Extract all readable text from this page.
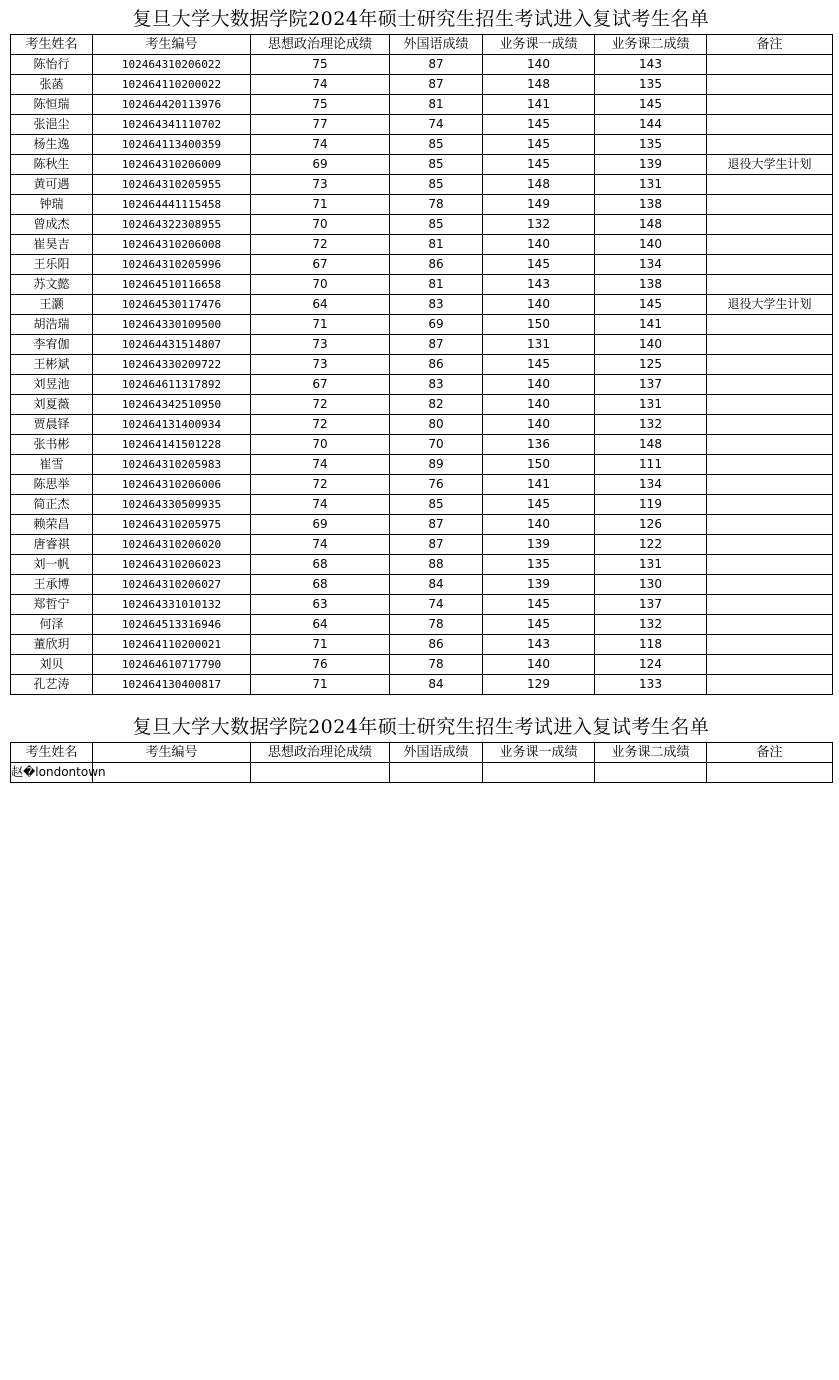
复旦大学大数据学院2024年硕士研究生招生考试进入复试考生名单
考生姓名	考生编号	思想政治理论成绩	外国语成绩	业务课一成绩	业务课二成绩	备注
陈怡行	102464310206022	75	87	140	143	
张菡	102464110200022	74	87	148	135	
陈恒瑞	102464420113976	75	81	141	145	
张浥尘	102464341110702	77	74	145	144	
杨生逸	102464113400359	74	85	145	135	
陈秋生	102464310206009	69	85	145	139	退役大学生计划
黄可遇	102464310205955	73	85	148	131	
钟瑞	102464441115458	71	78	149	138	
曾成杰	102464322308955	70	85	132	148	
崔昊吉	102464310206008	72	81	140	140	
王乐阳	102464310205996	67	86	145	134	
苏文懿	102464510116658	70	81	143	138	
王灏	102464530117476	64	83	140	145	退役大学生计划
胡浩瑞	102464330109500	71	69	150	141	
李宥伽	102464431514807	73	87	131	140	
王彬斌	102464330209722	73	86	145	125	
刘昱池	102464611317892	67	83	140	137	
刘夏薇	102464342510950	72	82	140	131	
贾晨铎	102464131400934	72	80	140	132	
张书彬	102464141501228	70	70	136	148	
崔雪	102464310205983	74	89	150	111	
陈思举	102464310206006	72	76	141	134	
简正杰	102464330509935	74	85	145	119	
赖荣昌	102464310205975	69	87	140	126	
唐睿祺	102464310206020	74	87	139	122	
刘一帆	102464310206023	68	88	135	131	
王承博	102464310206027	68	84	139	130	
郑哲宁	102464331010132	63	74	145	137	
何泽	102464513316946	64	78	145	132	
董欣玥	102464110200021	71	86	143	118	
刘贝	102464610717790	76	78	140	124	
孔艺涛	102464130400817	71	84	129	133	
复旦大学大数据学院2024年硕士研究生招生考试进入复试考生名单
考生姓名	考生编号	思想政治理论成绩	外国语成绩	业务课一成绩	业务课二成绩	备注
赵�londontown						
